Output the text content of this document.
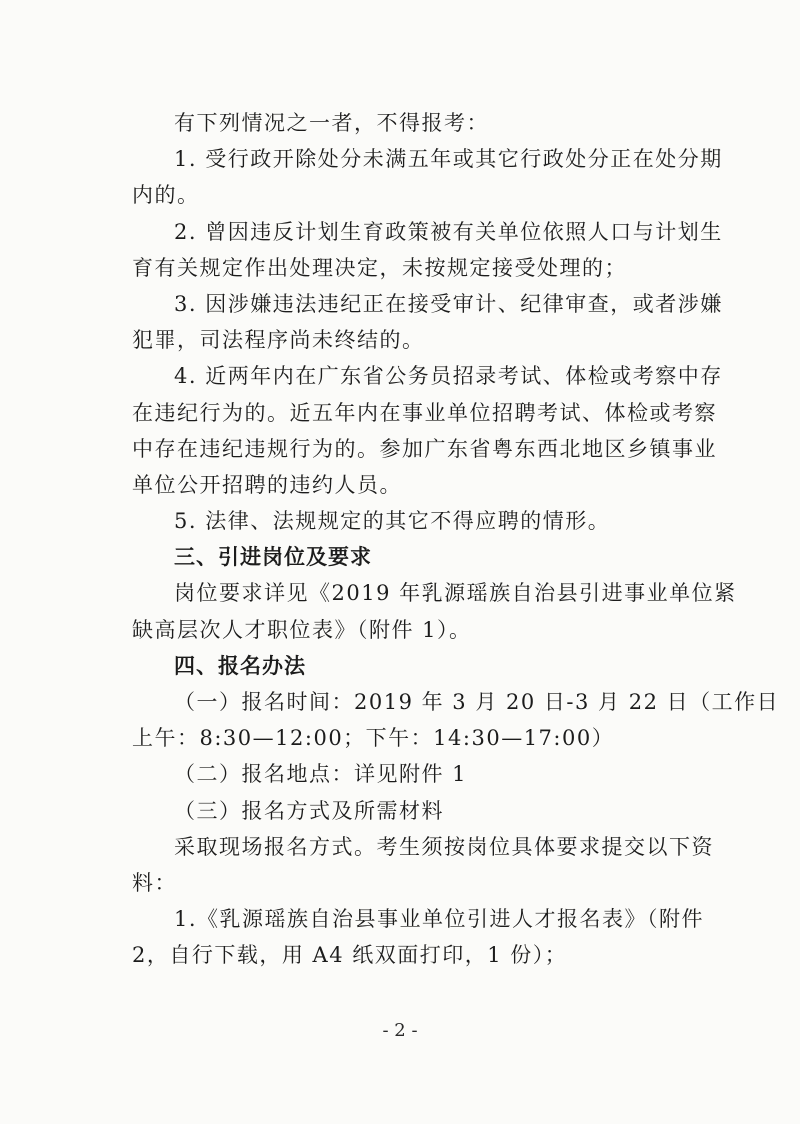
有下列情况之一者，不得报考：
1. 受行政开除处分未满五年或其它行政处分正在处分期
内的。
2. 曾因违反计划生育政策被有关单位依照人口与计划生
育有关规定作出处理决定，未按规定接受处理的；
3. 因涉嫌违法违纪正在接受审计、纪律审查，或者涉嫌
犯罪，司法程序尚未终结的。
4. 近两年内在广东省公务员招录考试、体检或考察中存
在违纪行为的。近五年内在事业单位招聘考试、体检或考察
中存在违纪违规行为的。参加广东省粤东西北地区乡镇事业
单位公开招聘的违约人员。
5. 法律、法规规定的其它不得应聘的情形。
三、引进岗位及要求
岗位要求详见《2019 年乳源瑶族自治县引进事业单位紧
缺高层次人才职位表》（附件 1）。
四、报名办法
（一）报名时间：2019 年 3 月 20 日-3 月 22 日（工作日
上午：8:30—12:00；下午：14:30—17:00）
（二）报名地点：详见附件 1
（三）报名方式及所需材料
采取现场报名方式。考生须按岗位具体要求提交以下资
料：
1.《乳源瑶族自治县事业单位引进人才报名表》（附件
2，自行下载，用 A4 纸双面打印，1 份）；
- 2 -
